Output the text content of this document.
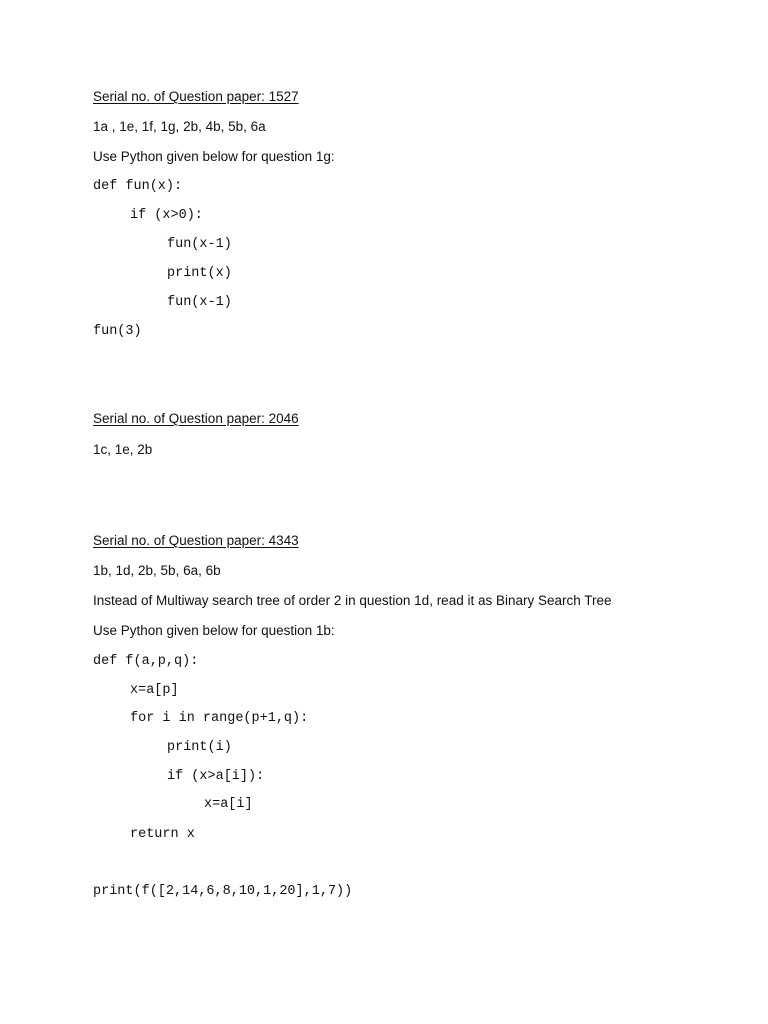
Serial no. of Question paper: 1527
1a , 1e, 1f, 1g, 2b, 4b, 5b, 6a
Use Python given below for question 1g:
def fun(x):
if (x>0):
fun(x-1)
print(x)
fun(x-1)
fun(3)
Serial no. of Question paper: 2046
1c, 1e, 2b
Serial no. of Question paper: 4343
1b, 1d, 2b, 5b, 6a, 6b
Instead of Multiway search tree of order 2 in question 1d, read it as Binary Search Tree
Use Python given below for question 1b:
def f(a,p,q):
x=a[p]
for i in range(p+1,q):
print(i)
if (x>a[i]):
x=a[i]
return x
print(f([2,14,6,8,10,1,20],1,7))
